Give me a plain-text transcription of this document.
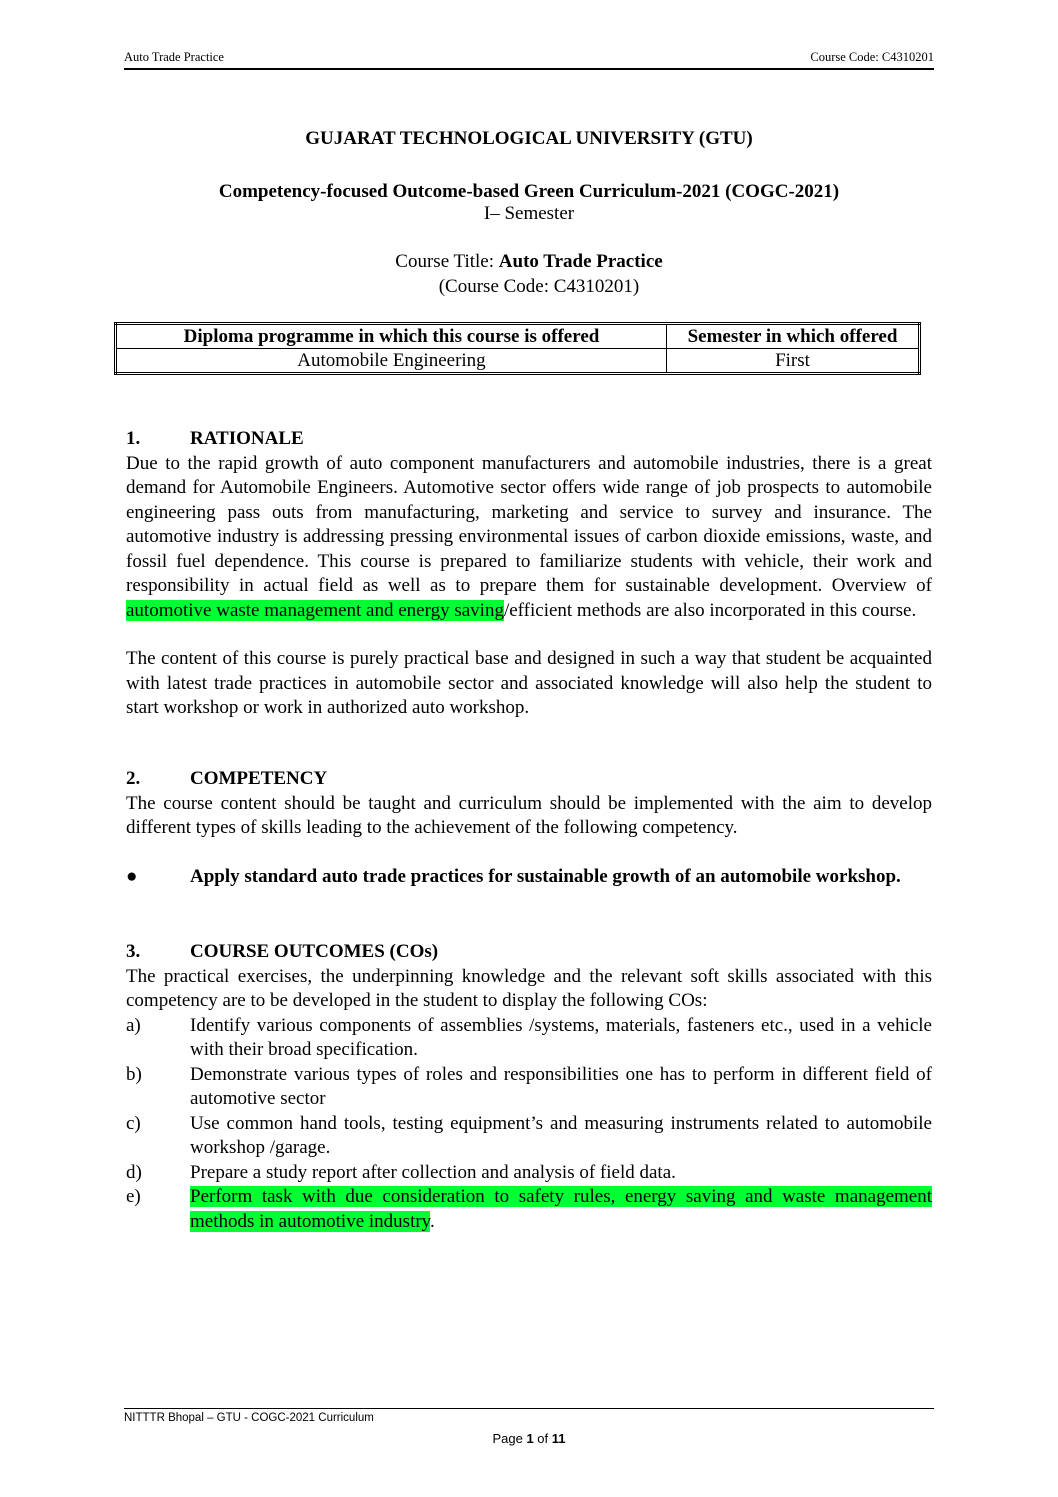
Auto Trade Practice	Course Code: C4310201
GUJARAT TECHNOLOGICAL UNIVERSITY (GTU)
Competency-focused Outcome-based Green Curriculum-2021 (COGC-2021)
I– Semester
Course Title: Auto Trade Practice
(Course Code: C4310201)
Diploma programme in which this course is offered	Semester in which offered
Automobile Engineering	First
1.	RATIONALE
Due to the rapid growth of auto component manufacturers and automobile industries, there is a great demand for Automobile Engineers. Automotive sector offers wide range of job prospects to automobile engineering pass outs from manufacturing, marketing and service to survey and insurance. The automotive industry is addressing pressing environmental issues of carbon dioxide emissions, waste, and fossil fuel dependence. This course is prepared to familiarize students with vehicle, their work and responsibility in actual field as well as to prepare them for sustainable development. Overview of automotive waste management and energy saving/efficient methods are also incorporated in this course.
The content of this course is purely practical base and designed in such a way that student be acquainted with latest trade practices in automobile sector and associated knowledge will also help the student to start workshop or work in authorized auto workshop.
2.	COMPETENCY
The course content should be taught and curriculum should be implemented with the aim to develop different types of skills leading to the achievement of the following competency.
●	Apply standard auto trade practices for sustainable growth of an automobile workshop.
3.	COURSE OUTCOMES (COs)
The practical exercises, the underpinning knowledge and the relevant soft skills associated with this competency are to be developed in the student to display the following COs:
a)	Identify various components of assemblies /systems, materials, fasteners etc., used in a vehicle with their broad specification.
b)	Demonstrate various types of roles and responsibilities one has to perform in different field of automotive sector
c)	Use common hand tools, testing equipment’s and measuring instruments related to automobile workshop /garage.
d)	Prepare a study report after collection and analysis of field data.
e)	Perform task with due consideration to safety rules, energy saving and waste management methods in automotive industry.
NITTTR Bhopal – GTU - COGC-2021 Curriculum
Page 1 of 11
